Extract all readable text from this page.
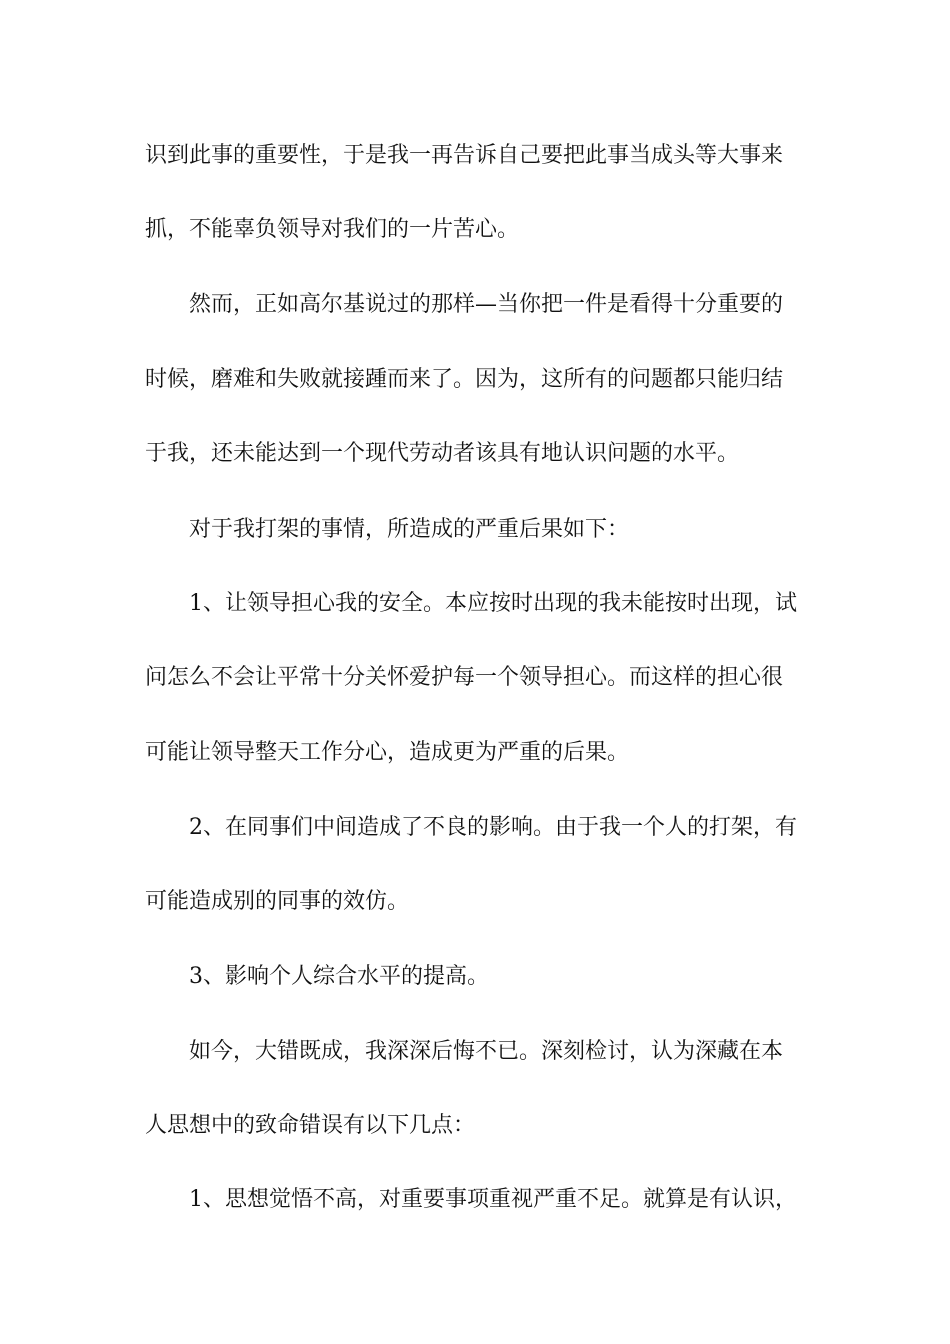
识到此事的重要性，于是我一再告诉自己要把此事当成头等大事来
抓，不能辜负领导对我们的一片苦心。
然而，正如高尔基说过的那样—当你把一件是看得十分重要的
时候，磨难和失败就接踵而来了。因为，这所有的问题都只能归结
于我，还未能达到一个现代劳动者该具有地认识问题的水平。
对于我打架的事情，所造成的严重后果如下：
1、让领导担心我的安全。本应按时出现的我未能按时出现，试
问怎么不会让平常十分关怀爱护每一个领导担心。而这样的担心很
可能让领导整天工作分心，造成更为严重的后果。
2、在同事们中间造成了不良的影响。由于我一个人的打架，有
可能造成别的同事的效仿。
3、影响个人综合水平的提高。
如今，大错既成，我深深后悔不已。深刻检讨，认为深藏在本
人思想中的致命错误有以下几点：
1、思想觉悟不高，对重要事项重视严重不足。就算是有认识，
